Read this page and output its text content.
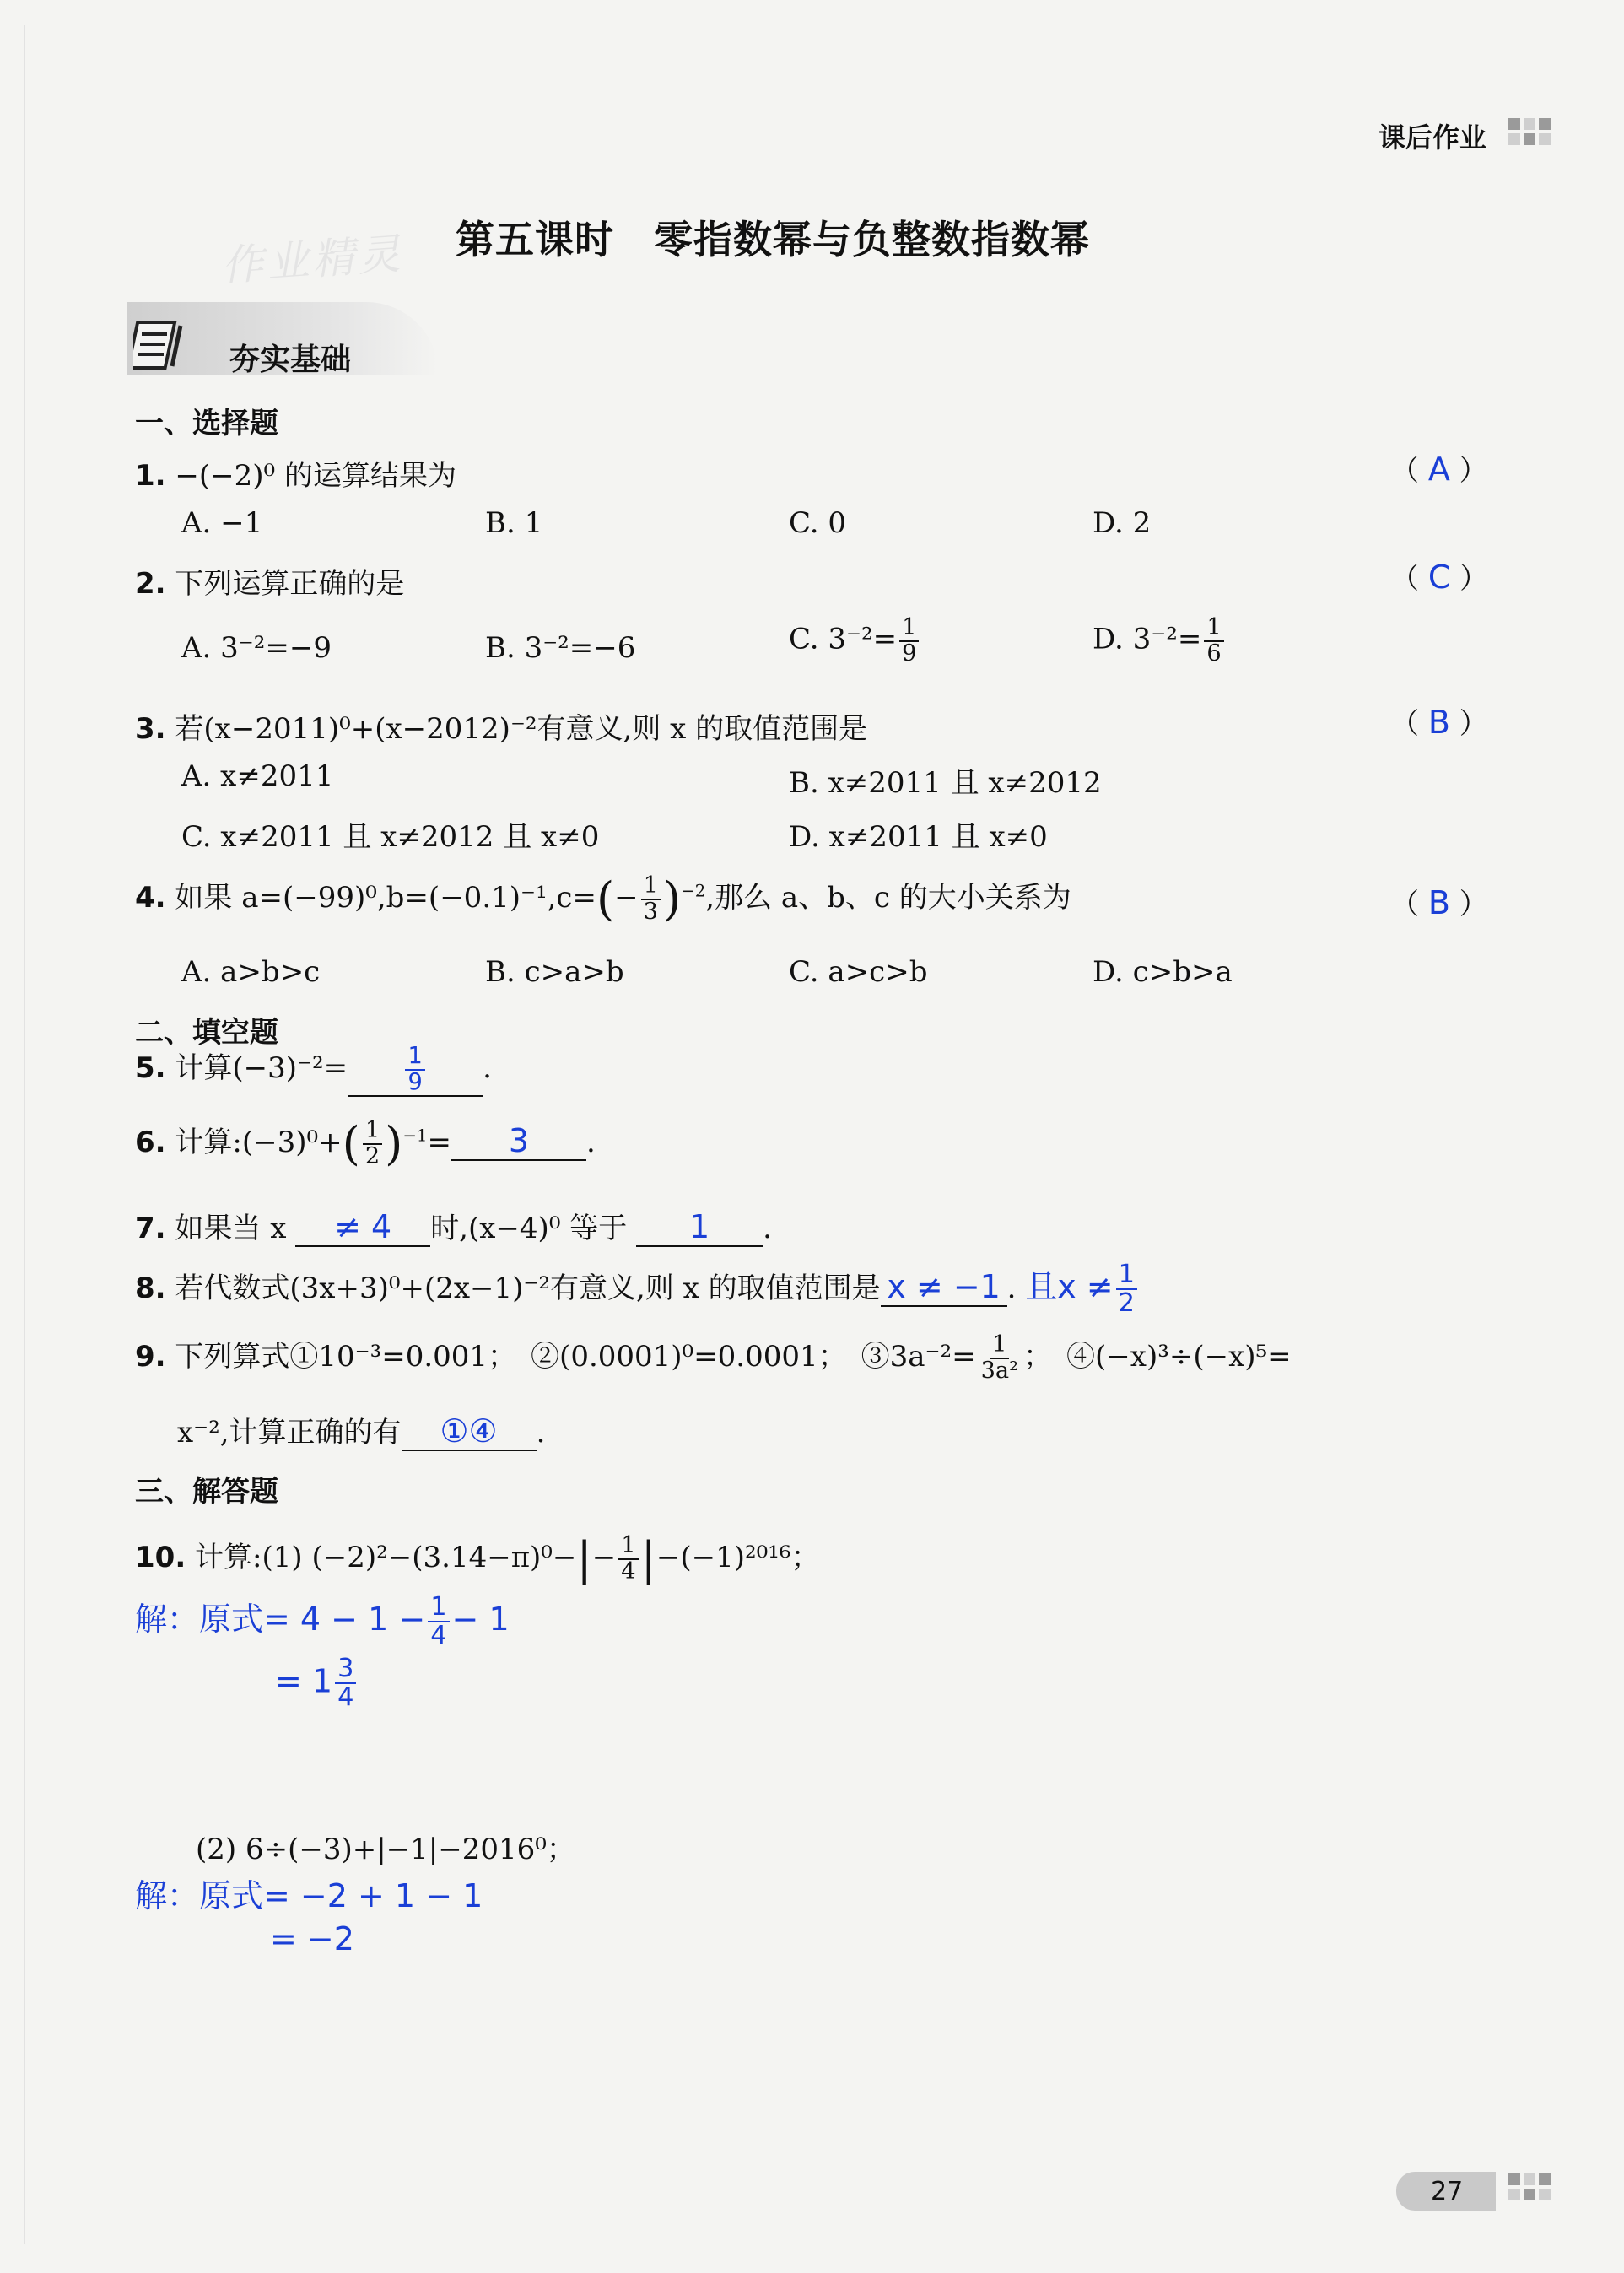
课后作业
作业精灵 第五课时　零指数幂与负整数指数幂
夯实基础
一、选择题
1. −(−2)⁰ 的运算结果为	（ A ）
A. −1	B. 1	C. 0	D. 2
2. 下列运算正确的是	（ C ）
A. 3⁻²=−9	B. 3⁻²=−6	C. $3^{-2}= \frac{1}{9}$	D. $3^{-2}= \frac{1}{6}$
3. 若(x−2011)⁰+(x−2012)⁻²有意义,则 x 的取值范围是	（ B ）
A. x≠2011	B. x≠2011 且 x≠2012
C. x≠2011 且 x≠2012 且 x≠0	D. x≠2011 且 x≠0
4. 如果 $a=(-99)^0,b=(-0.1)^{-1},c=(- \frac{1}{3} )^{-2}$,那么 a、b、c 的大小关系为	（ B ）
A. a>b>c	B. c>a>b	C. a>c>b	D. c>b>a
二、填空题
5. 计算(−3)⁻²=	$\frac{1}{9}$ .
6. 计算:(−3)⁰+( $\frac{1}{2} )^{-1}= 3$ .
7. 如果当 x ≠ 4 时,(x−4)⁰ 等于 1 .
8. 若代数式(3x+3)⁰+(2x−1)⁻²有意义,则 x 的取值范围是 x ≠ −1 . 且$x \ne \frac{1}{2}$
9. 下列算式①10⁻³=0.001；　②(0.0001)⁰=0.0001；　③3a⁻²= $\frac{1}{\text{3a²}}$ ；　④(−x)³÷(−x)⁵=
x⁻²,计算正确的有 ①④ .
三、解答题
10. 计算:(1) $(-2)^2-(3.14-\pi)^0-|- \frac{1}{4} |-(-1)^{2016}$；
解：原式= $4 - 1 - \frac{1}{4} - 1$
= $1 \frac{3}{4}$
(2) 6÷(−3)+|−1|−2016⁰；
解：原式= −2 + 1 − 1
= −2
27
